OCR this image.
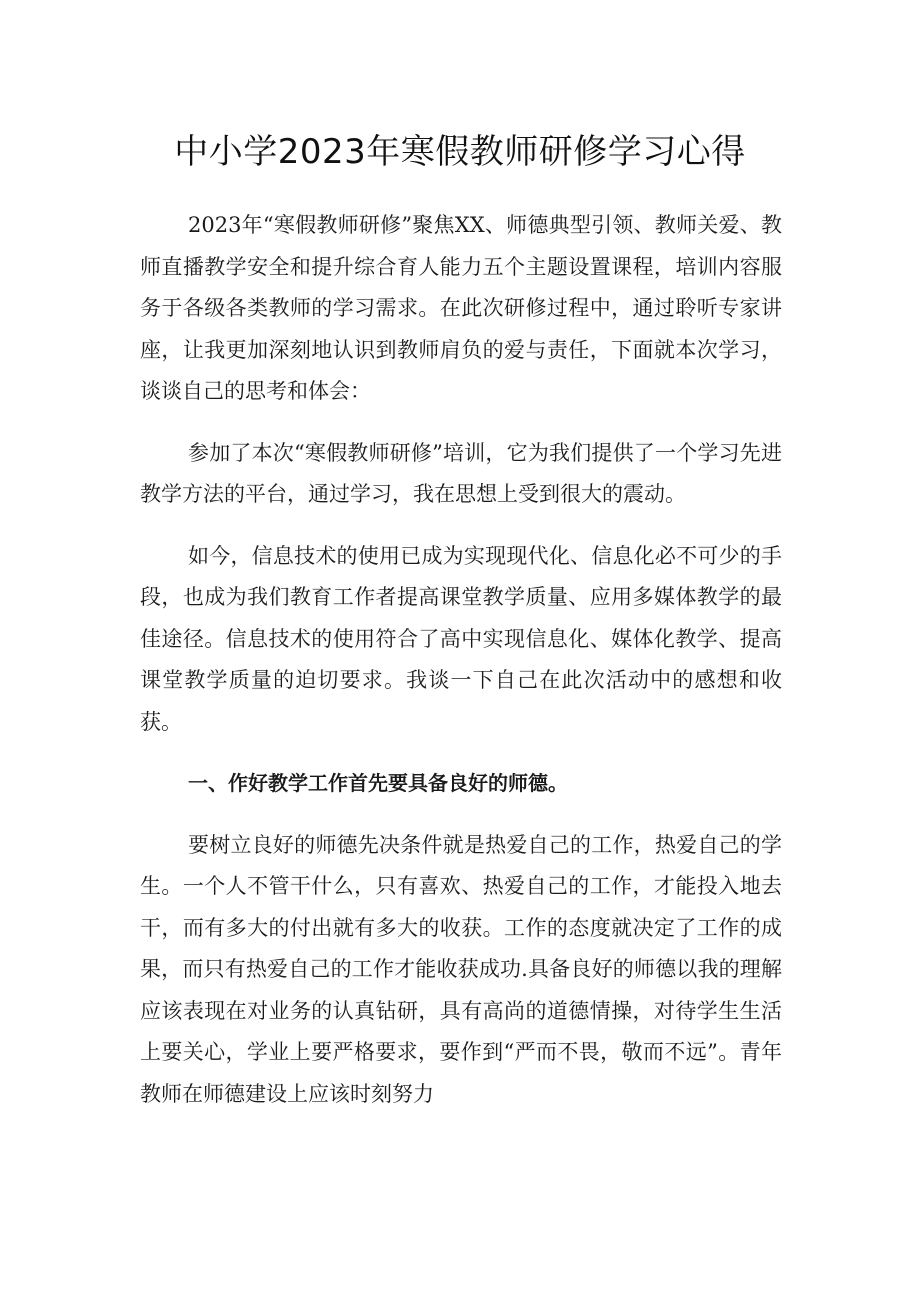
中小学2023年寒假教师研修学习心得

2023年“寒假教师研修”聚焦XX、师德典型引领、教师关爱、教师直播教学安全和提升综合育人能力五个主题设置课程，培训内容服务于各级各类教师的学习需求。在此次研修过程中，通过聆听专家讲座，让我更加深刻地认识到教师肩负的爱与责任，下面就本次学习，谈谈自己的思考和体会：

参加了本次“寒假教师研修”培训，它为我们提供了一个学习先进教学方法的平台，通过学习，我在思想上受到很大的震动。

如今，信息技术的使用已成为实现现代化、信息化必不可少的手段，也成为我们教育工作者提高课堂教学质量、应用多媒体教学的最佳途径。信息技术的使用符合了高中实现信息化、媒体化教学、提高课堂教学质量的迫切要求。我谈一下自己在此次活动中的感想和收获。

一、作好教学工作首先要具备良好的师德。

要树立良好的师德先决条件就是热爱自己的工作，热爱自己的学生。一个人不管干什么，只有喜欢、热爱自己的工作，才能投入地去干，而有多大的付出就有多大的收获。工作的态度就决定了工作的成果，而只有热爱自己的工作才能收获成功.具备良好的师德以我的理解应该表现在对业务的认真钻研，具有高尚的道德情操，对待学生生活上要关心，学业上要严格要求，要作到“严而不畏，敬而不远”。青年教师在师德建设上应该时刻努力
